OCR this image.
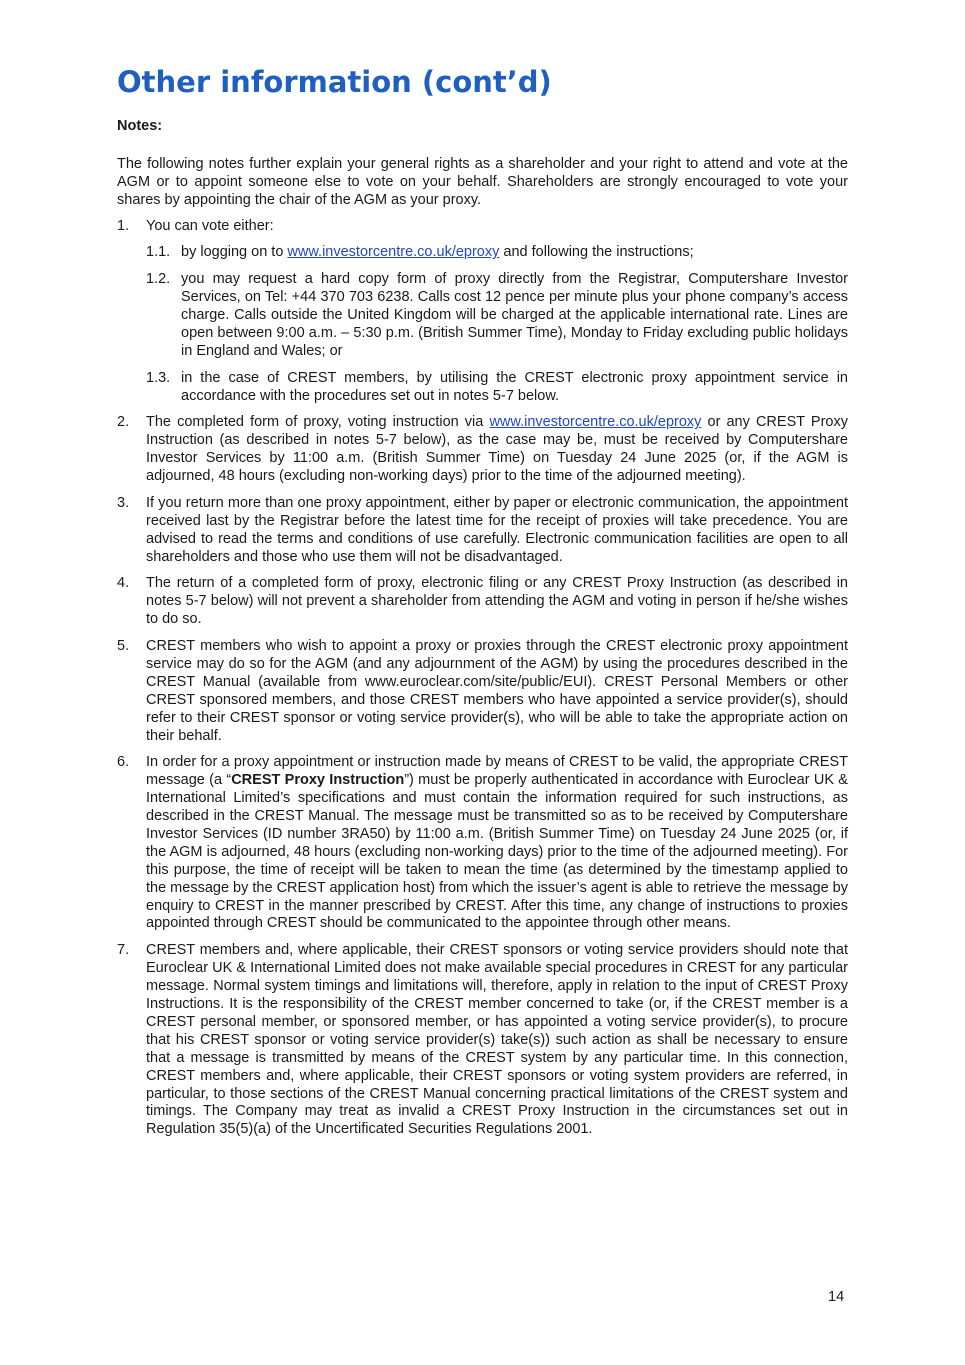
Other information (cont’d)
Notes:

The following notes further explain your general rights as a shareholder and your right to attend and vote at the AGM or to appoint someone else to vote on your behalf. Shareholders are strongly encouraged to vote your shares by appointing the chair of the AGM as your proxy.

1. You can vote either:
1.1. by logging on to www.investorcentre.co.uk/eproxy and following the instructions;
1.2. you may request a hard copy form of proxy directly from the Registrar, Computershare Investor Services, on Tel: +44 370 703 6238. Calls cost 12 pence per minute plus your phone company’s access charge. Calls outside the United Kingdom will be charged at the applicable international rate. Lines are open between 9:00 a.m. – 5:30 p.m. (British Summer Time), Monday to Friday excluding public holidays in England and Wales; or
1.3. in the case of CREST members, by utilising the CREST electronic proxy appointment service in accordance with the procedures set out in notes 5-7 below.
2. The completed form of proxy, voting instruction via www.investorcentre.co.uk/eproxy or any CREST Proxy Instruction (as described in notes 5-7 below), as the case may be, must be received by Computershare Investor Services by 11:00 a.m. (British Summer Time) on Tuesday 24 June 2025 (or, if the AGM is adjourned, 48 hours (excluding non-working days) prior to the time of the adjourned meeting).
3. If you return more than one proxy appointment, either by paper or electronic communication, the appointment received last by the Registrar before the latest time for the receipt of proxies will take precedence. You are advised to read the terms and conditions of use carefully. Electronic communication facilities are open to all shareholders and those who use them will not be disadvantaged.
4. The return of a completed form of proxy, electronic filing or any CREST Proxy Instruction (as described in notes 5-7 below) will not prevent a shareholder from attending the AGM and voting in person if he/she wishes to do so.
5. CREST members who wish to appoint a proxy or proxies through the CREST electronic proxy appointment service may do so for the AGM (and any adjournment of the AGM) by using the procedures described in the CREST Manual (available from www.euroclear.com/site/public/EUI). CREST Personal Members or other CREST sponsored members, and those CREST members who have appointed a service provider(s), should refer to their CREST sponsor or voting service provider(s), who will be able to take the appropriate action on their behalf.
6. In order for a proxy appointment or instruction made by means of CREST to be valid, the appropriate CREST message (a “CREST Proxy Instruction”) must be properly authenticated in accordance with Euroclear UK & International Limited’s specifications and must contain the information required for such instructions, as described in the CREST Manual. The message must be transmitted so as to be received by Computershare Investor Services (ID number 3RA50) by 11:00 a.m. (British Summer Time) on Tuesday 24 June 2025 (or, if the AGM is adjourned, 48 hours (excluding non-working days) prior to the time of the adjourned meeting). For this purpose, the time of receipt will be taken to mean the time (as determined by the timestamp applied to the message by the CREST application host) from which the issuer’s agent is able to retrieve the message by enquiry to CREST in the manner prescribed by CREST. After this time, any change of instructions to proxies appointed through CREST should be communicated to the appointee through other means.
7. CREST members and, where applicable, their CREST sponsors or voting service providers should note that Euroclear UK & International Limited does not make available special procedures in CREST for any particular message. Normal system timings and limitations will, therefore, apply in relation to the input of CREST Proxy Instructions. It is the responsibility of the CREST member concerned to take (or, if the CREST member is a CREST personal member, or sponsored member, or has appointed a voting service provider(s), to procure that his CREST sponsor or voting service provider(s) take(s)) such action as shall be necessary to ensure that a message is transmitted by means of the CREST system by any particular time. In this connection, CREST members and, where applicable, their CREST sponsors or voting system providers are referred, in particular, to those sections of the CREST Manual concerning practical limitations of the CREST system and timings. The Company may treat as invalid a CREST Proxy Instruction in the circumstances set out in Regulation 35(5)(a) of the Uncertificated Securities Regulations 2001.
14
